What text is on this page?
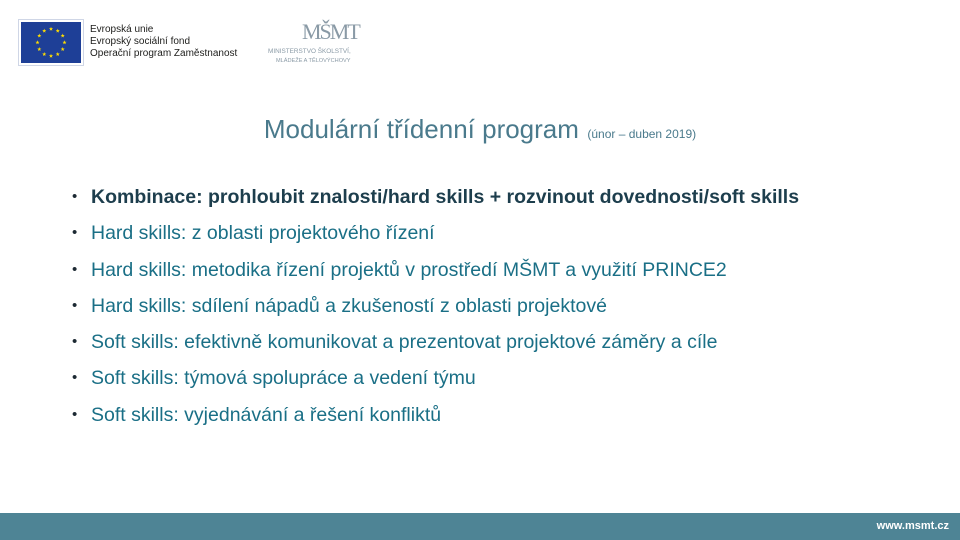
Evropská unie
Evropský sociální fond
Operační program Zaměstnanost
MŠMT
MINISTERSTVO ŠKOLSTVÍ,
MLÁDEŽE A TĚLOVÝCHOVY
Modulární třídenní program (únor – duben 2019)
• Kombinace: prohloubit znalosti/hard skills + rozvinout dovednosti/soft skills
• Hard skills: z oblasti projektového řízení
• Hard skills: metodika řízení projektů v prostředí MŠMT a využití PRINCE2
• Hard skills: sdílení nápadů a zkušeností z oblasti projektové
• Soft skills: efektivně komunikovat a prezentovat projektové záměry a cíle
• Soft skills: týmová spolupráce a vedení týmu
• Soft skills: vyjednávání a řešení konfliktů
www.msmt.cz
